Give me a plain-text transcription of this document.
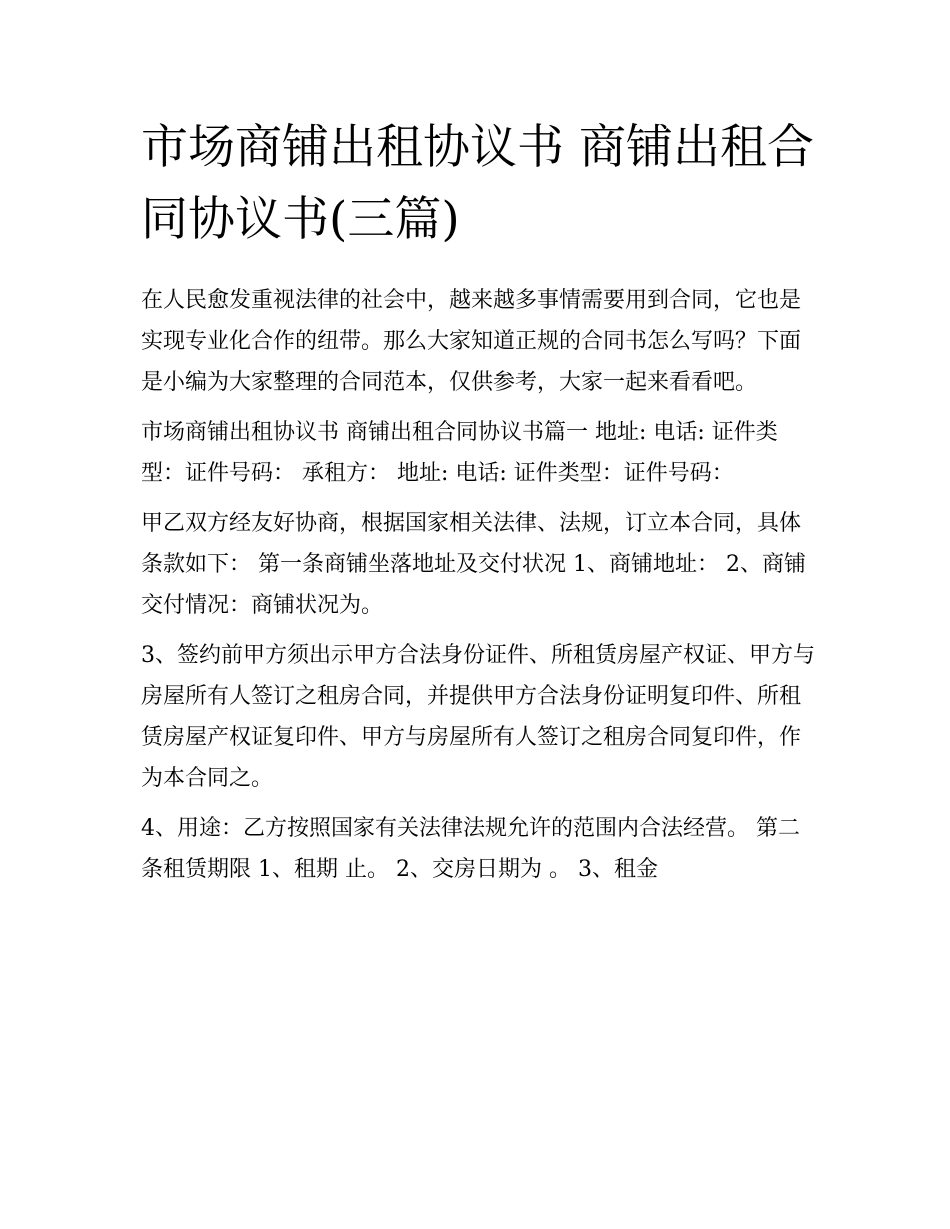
市场商铺出租协议书 商铺出租合同协议书(三篇)

在人民愈发重视法律的社会中，越来越多事情需要用到合同，它也是实现专业化合作的纽带。那么大家知道正规的合同书怎么写吗？下面是小编为大家整理的合同范本，仅供参考，大家一起来看看吧。

市场商铺出租协议书 商铺出租合同协议书篇一 地址: 电话: 证件类型：证件号码： 承租方： 地址: 电话: 证件类型：证件号码：

甲乙双方经友好协商，根据国家相关法律、法规，订立本合同，具体条款如下： 第一条商铺坐落地址及交付状况 1、商铺地址： 2、商铺交付情况：商铺状况为。

3、签约前甲方须出示甲方合法身份证件、所租赁房屋产权证、甲方与房屋所有人签订之租房合同，并提供甲方合法身份证明复印件、所租赁房屋产权证复印件、甲方与房屋所有人签订之租房合同复印件，作为本合同之。

4、用途：乙方按照国家有关法律法规允许的范围内合法经营。 第二条租赁期限 1、租期 止。 2、交房日期为 。 3、租金
